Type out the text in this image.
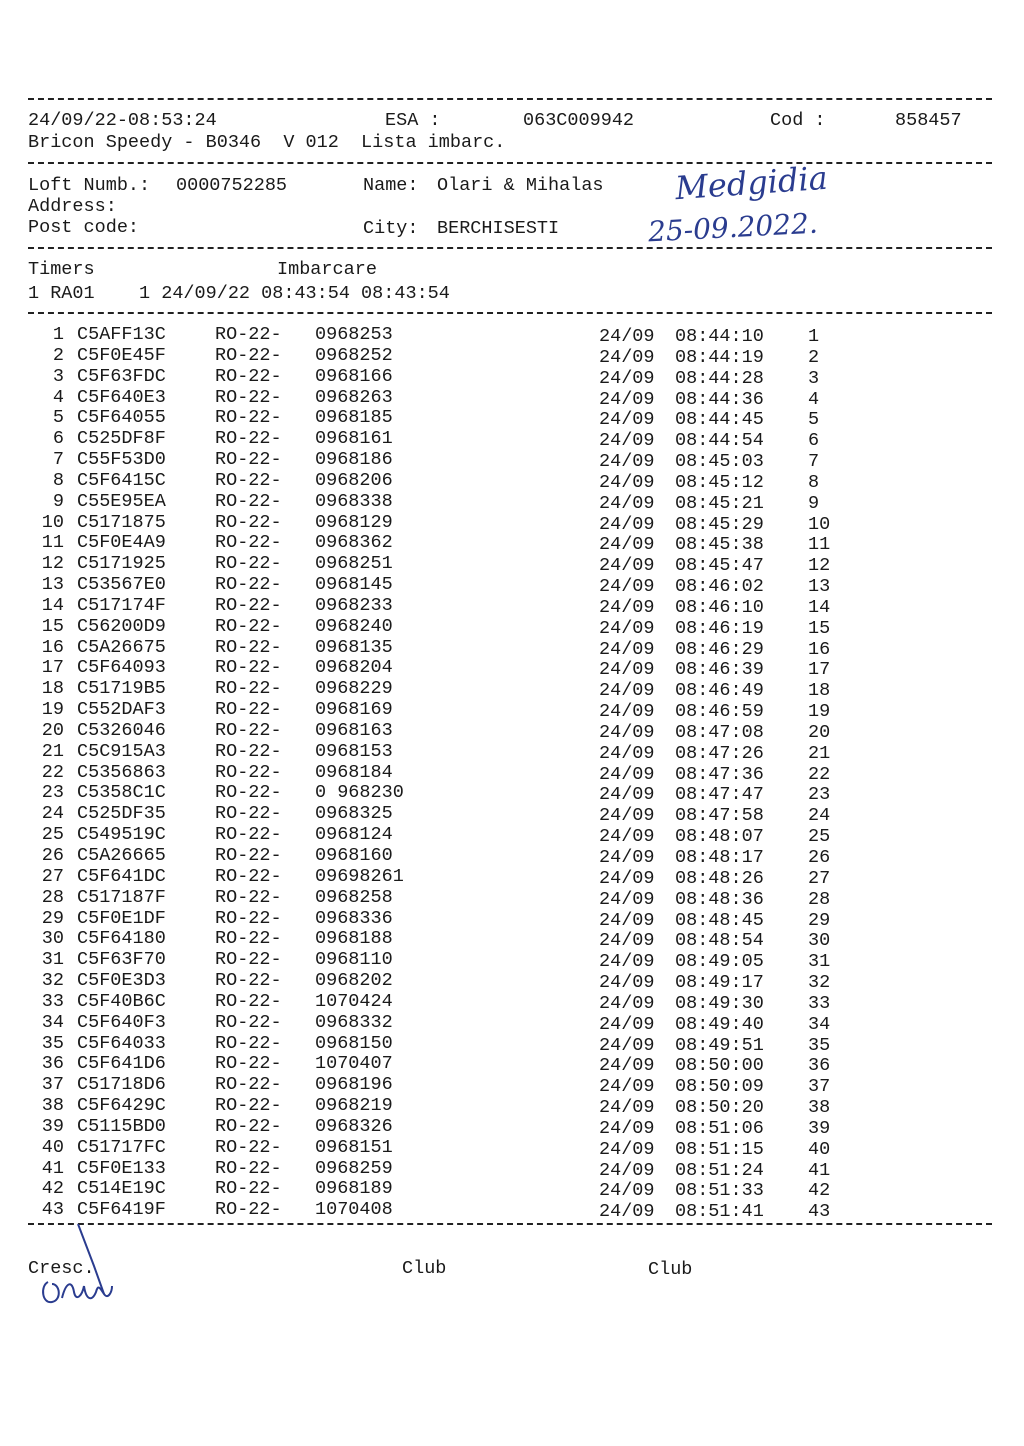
24/09/22-08:53:24	ESA :	063C009942	Cod :	858457
Bricon Speedy - B0346  V 012  Lista imbarc.
Loft Numb.: 0000752285	Name: Olari & Mihalas
Address:
Post code:	City: BERCHISESTI
Medgidia
25-09.2022.
Timers	Imbarcare
1 RA01    1 24/09/22 08:43:54 08:43:54
1 C5AFF13C	RO-22- 0968253	24/09 08:44:10 1
2 C5F0E45F	RO-22- 0968252	24/09 08:44:19 2
3 C5F63FDC	RO-22- 0968166	24/09 08:44:28 3
4 C5F640E3	RO-22- 0968263	24/09 08:44:36 4
5 C5F64055	RO-22- 0968185	24/09 08:44:45 5
6 C525DF8F	RO-22- 0968161	24/09 08:44:54 6
7 C55F53D0	RO-22- 0968186	24/09 08:45:03 7
8 C5F6415C	RO-22- 0968206	24/09 08:45:12 8
9 C55E95EA	RO-22- 0968338	24/09 08:45:21 9
10 C5171875	RO-22- 0968129	24/09 08:45:29 10
11 C5F0E4A9	RO-22- 0968362	24/09 08:45:38 11
12 C5171925	RO-22- 0968251	24/09 08:45:47 12
13 C53567E0	RO-22- 0968145	24/09 08:46:02 13
14 C517174F	RO-22- 0968233	24/09 08:46:10 14
15 C56200D9	RO-22- 0968240	24/09 08:46:19 15
16 C5A26675	RO-22- 0968135	24/09 08:46:29 16
17 C5F64093	RO-22- 0968204	24/09 08:46:39 17
18 C51719B5	RO-22- 0968229	24/09 08:46:49 18
19 C552DAF3	RO-22- 0968169	24/09 08:46:59 19
20 C5326046	RO-22- 0968163	24/09 08:47:08 20
21 C5C915A3	RO-22- 0968153	24/09 08:47:26 21
22 C5356863	RO-22- 0968184	24/09 08:47:36 22
23 C5358C1C	RO-22- 0 968230	24/09 08:47:47 23
24 C525DF35	RO-22- 0968325	24/09 08:47:58 24
25 C549519C	RO-22- 0968124	24/09 08:48:07 25
26 C5A26665	RO-22- 0968160	24/09 08:48:17 26
27 C5F641DC	RO-22- 09698261	24/09 08:48:26 27
28 C517187F	RO-22- 0968258	24/09 08:48:36 28
29 C5F0E1DF	RO-22- 0968336	24/09 08:48:45 29
30 C5F64180	RO-22- 0968188	24/09 08:48:54 30
31 C5F63F70	RO-22- 0968110	24/09 08:49:05 31
32 C5F0E3D3	RO-22- 0968202	24/09 08:49:17 32
33 C5F40B6C	RO-22- 1070424	24/09 08:49:30 33
34 C5F640F3	RO-22- 0968332	24/09 08:49:40 34
35 C5F64033	RO-22- 0968150	24/09 08:49:51 35
36 C5F641D6	RO-22- 1070407	24/09 08:50:00 36
37 C51718D6	RO-22- 0968196	24/09 08:50:09 37
38 C5F6429C	RO-22- 0968219	24/09 08:50:20 38
39 C5115BD0	RO-22- 0968326	24/09 08:51:06 39
40 C51717FC	RO-22- 0968151	24/09 08:51:15 40
41 C5F0E133	RO-22- 0968259	24/09 08:51:24 41
42 C514E19C	RO-22- 0968189	24/09 08:51:33 42
43 C5F6419F	RO-22- 1070408	24/09 08:51:41 43
Cresc.	Club	Club
